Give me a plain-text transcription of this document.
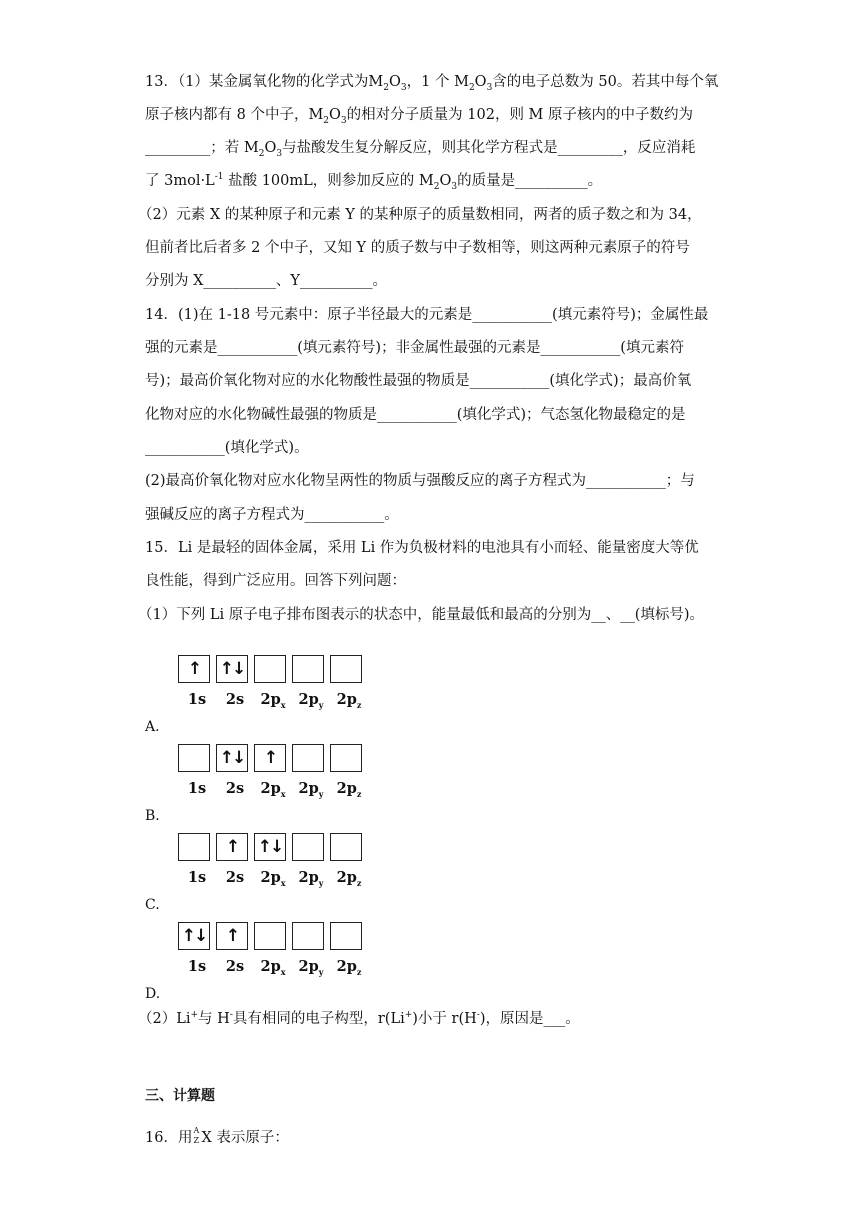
13．（1）某金属氧化物的化学式为$M_2O_3$，1 个 $M_2O_3$含的电子总数为 50。若其中每个氧
原子核内都有 8 个中子，$M_2O_3$的相对分子质量为 102，则 M 原子核内的中子数约为
_________；若 $M_2O_3$与盐酸发生复分解反应，则其化学方程式是_________，反应消耗
了 $3mol\cdot L^{-1}$ 盐酸 100mL，则参加反应的 $M_2O_3$的质量是__________。
（2）元素 X 的某种原子和元素 Y 的某种原子的质量数相同，两者的质子数之和为 34，
但前者比后者多 2 个中子，又知 Y 的质子数与中子数相等，则这两种元素原子的符号
分别为 X__________、Y__________。
14．(1)在 1-18 号元素中：原子半径最大的元素是___________(填元素符号)；金属性最
强的元素是___________(填元素符号)；非金属性最强的元素是___________(填元素符
号)；最高价氧化物对应的水化物酸性最强的物质是___________(填化学式)；最高价氧
化物对应的水化物碱性最强的物质是___________(填化学式)；气态氢化物最稳定的是
___________(填化学式)。
(2)最高价氧化物对应水化物呈两性的物质与强酸反应的离子方程式为___________；与
强碱反应的离子方程式为___________。
15．Li 是最轻的固体金属，采用 Li 作为负极材料的电池具有小而轻、能量密度大等优
良性能，得到广泛应用。回答下列问题：
（1）下列 Li 原子电子排布图表示的状态中，能量最低和最高的分别为__、__(填标号)。
↑	↑↓
1s	2s	$2p_x$ $2p_y$ $2p_z$
A.
↑↓	↑
1s	2s	$2p_x$ $2p_y$ $2p_z$
B.
↑	↑↓
1s	2s	$2p_x$ $2p_y$ $2p_z$
C.
↑↓	↑
1s	2s	$2p_x$ $2p_y$ $2p_z$
D.
（2）Li+与 H-具有相同的电子构型，r(Li+)小于 r(H-)，原因是___。
三、计算题
16．用 A
Z X 表示原子：
